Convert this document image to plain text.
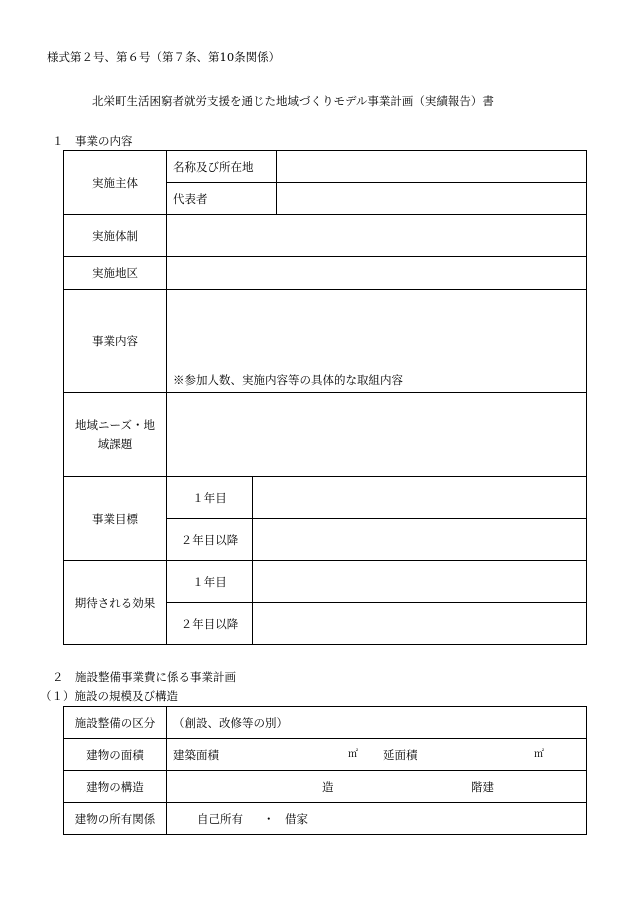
様式第２号、第６号（第７条、第10条関係）
北栄町生活困窮者就労支援を通じた地域づくりモデル事業計画（実績報告）書
１　事業の内容
実施主体	名称及び所在地		
	代表者		
実施体制			
実施地区			
事業内容	※参加人数、実施内容等の具体的な取組内容		
地域ニーズ・地域課題			
事業目標	１年目		
	２年目以降		
期待される効果	１年目		
	２年目以降		
２　施設整備事業費に係る事業計画
（１）施設の規模及び構造
施設整備の区分	（創設、改修等の別）
建物の面積	建築面積 ㎡ 延面積 ㎡

建物の構造	造 階建

建物の所有関係	自己所有 ・ 借家
